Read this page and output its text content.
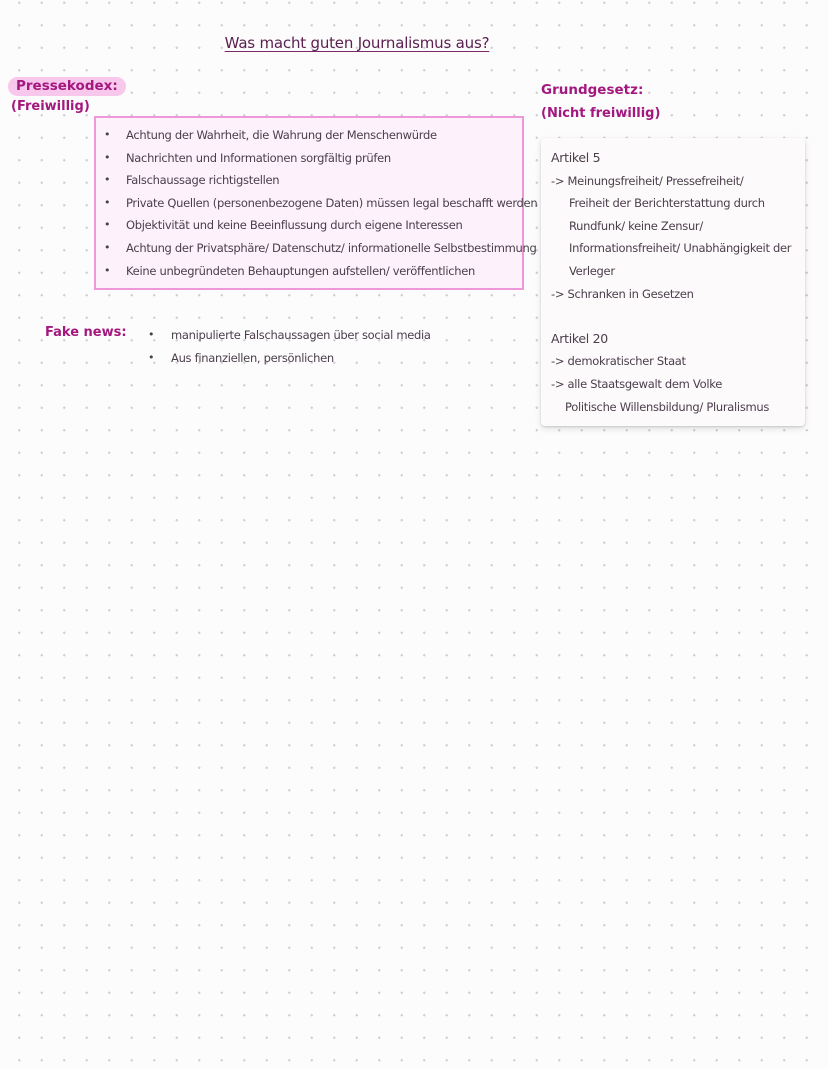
Was macht guten Journalismus aus?
Pressekodex:
(Freiwillig)
• Achtung der Wahrheit, die Wahrung der Menschenwürde
• Nachrichten und Informationen sorgfältig prüfen
• Falschaussage richtigstellen
• Private Quellen (personenbezogene Daten) müssen legal beschafft werden
• Objektivität und keine Beeinflussung durch eigene Interessen
• Achtung der Privatsphäre/ Datenschutz/ informationelle Selbstbestimmung
• Keine unbegründeten Behauptungen aufstellen/ veröffentlichen
Fake news:
•	manipulierte Falschaussagen über social media
• Aus finanziellen, persönlichen
Grundgesetz:
(Nicht freiwillig)
Artikel 5
-> Meinungsfreiheit/ Pressefreiheit/
Freiheit der Berichterstattung durch
Rundfunk/ keine Zensur/
Informationsfreiheit/ Unabhängigkeit der
Verleger
-> Schranken in Gesetzen
Artikel 20
-> demokratischer Staat
-> alle Staatsgewalt dem Volke
Politische Willensbildung/ Pluralismus
